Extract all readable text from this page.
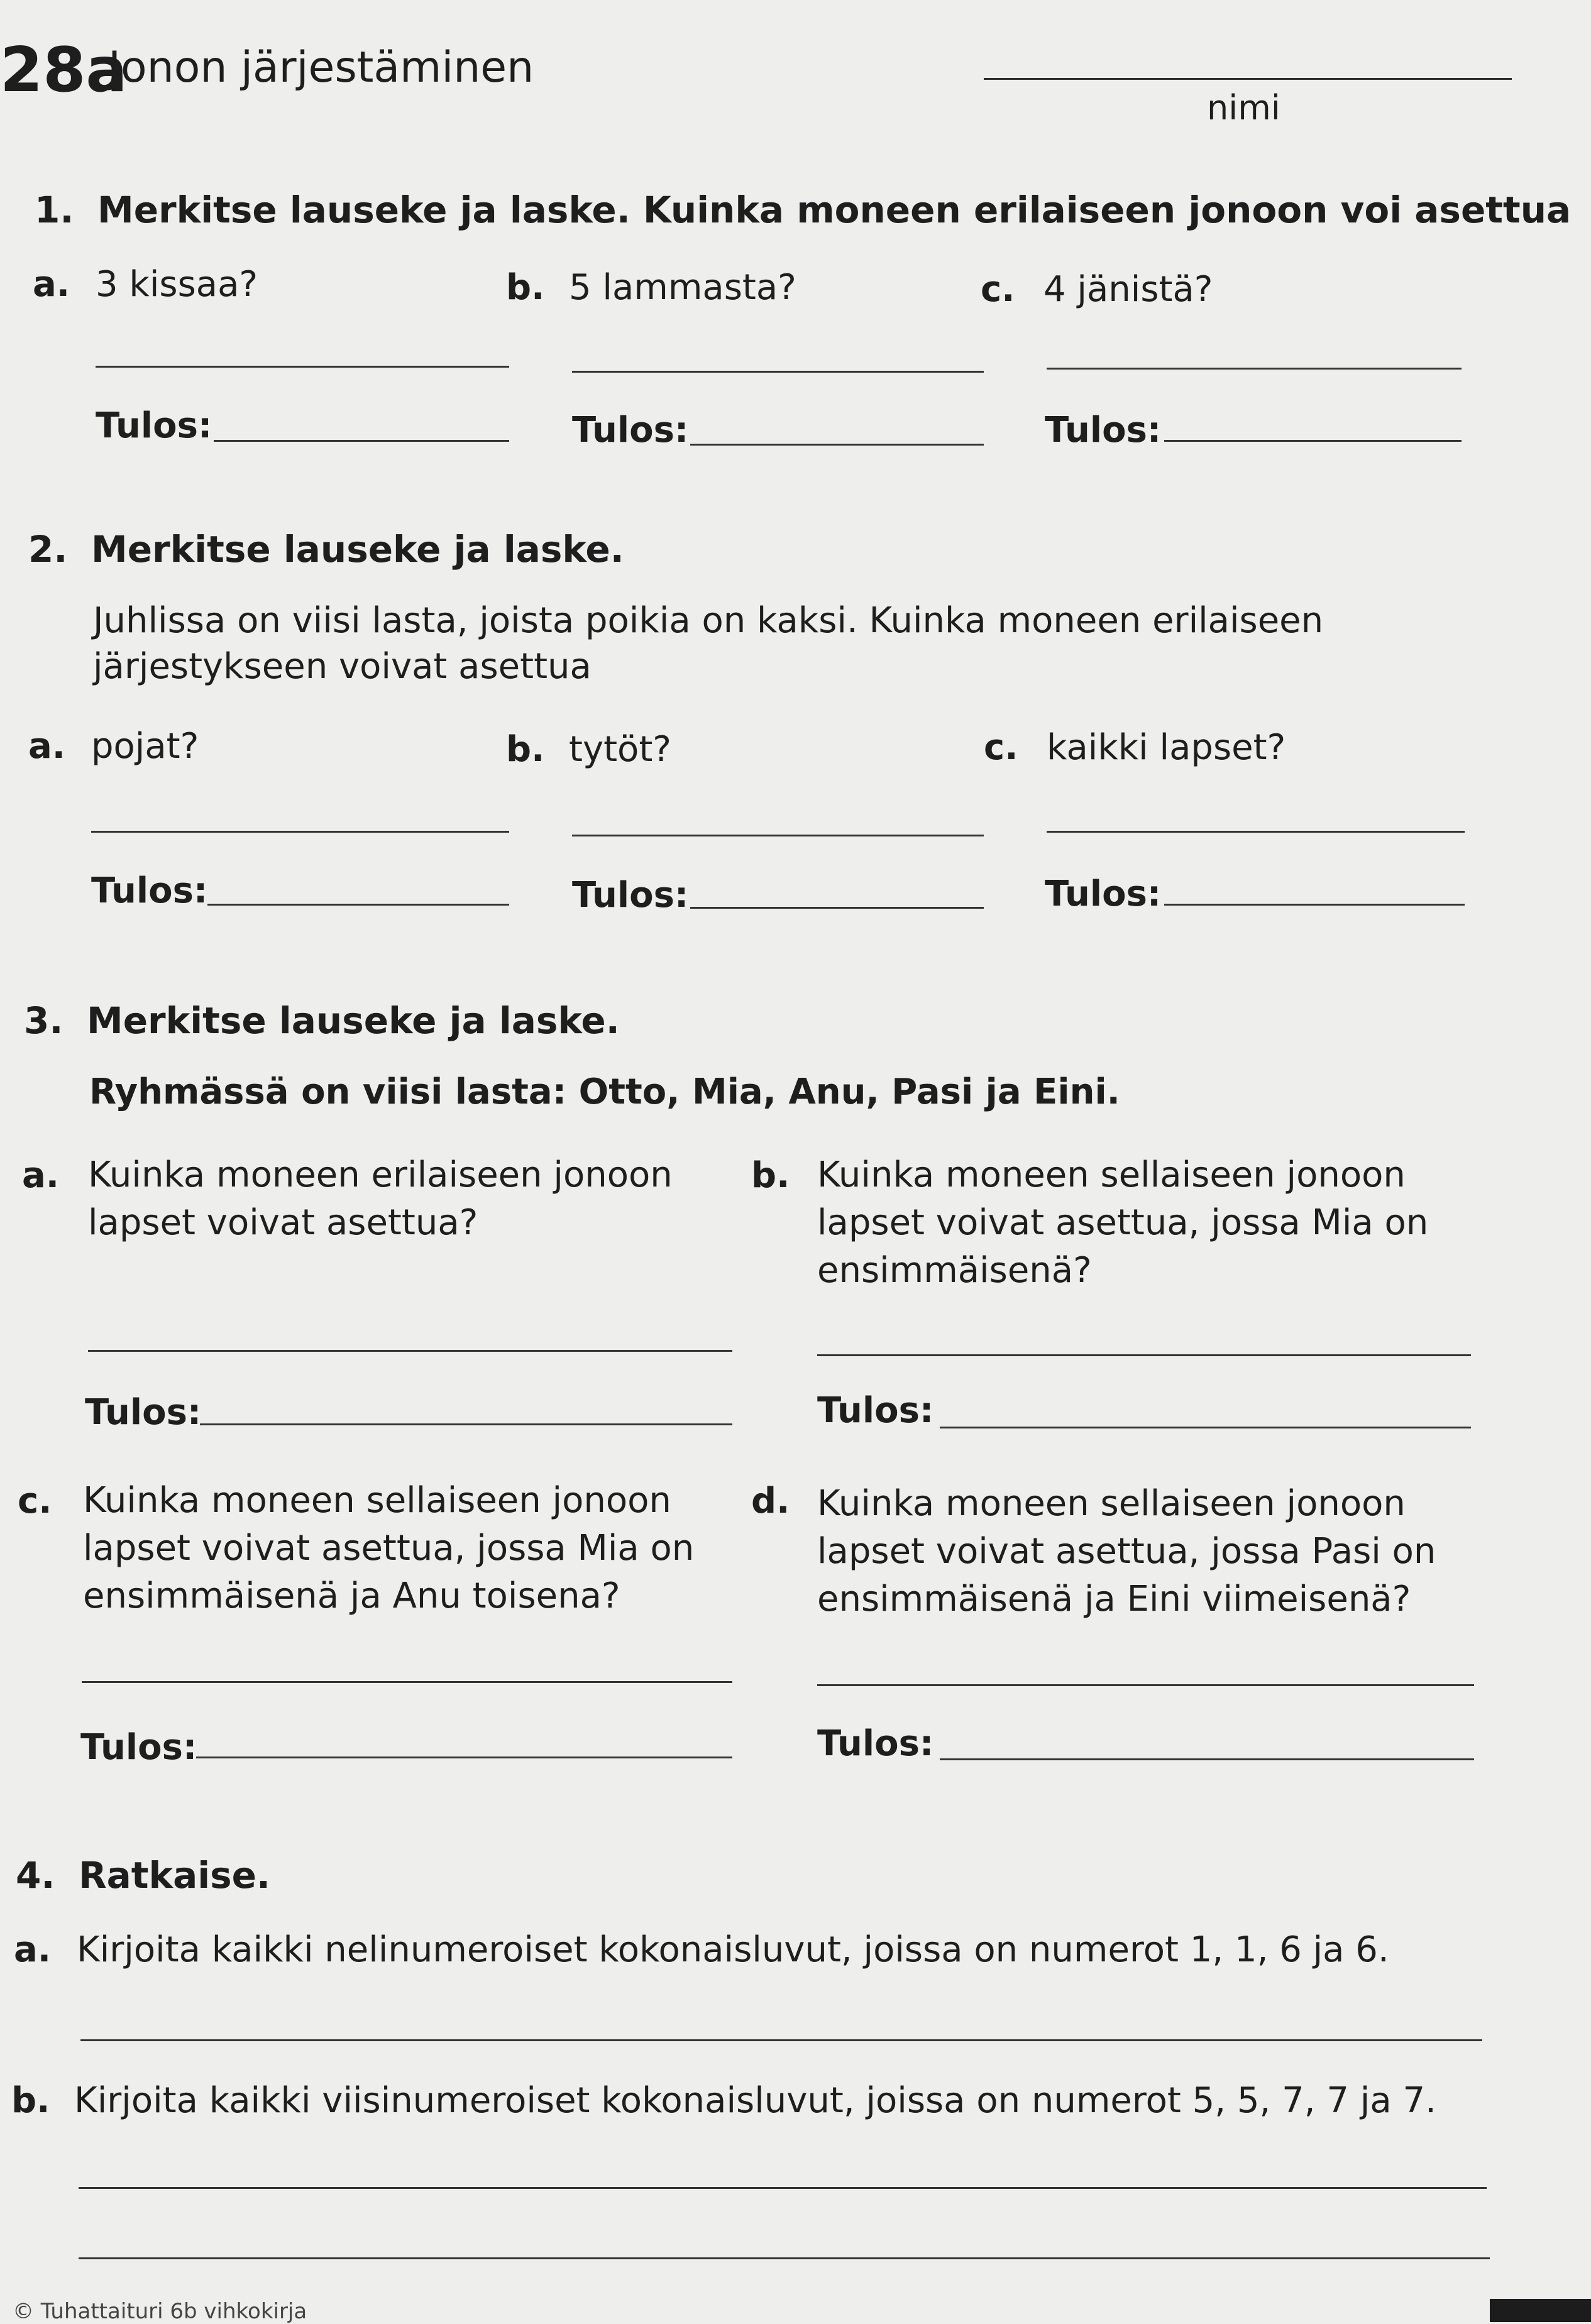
28a
Jonon järjestäminen
nimi
1. Merkitse lauseke ja laske. Kuinka moneen erilaiseen jonoon voi asettua
a. 3 kissaa?	b. 5 lammasta?	c. 4 jänistä?
Tulos:	Tulos:	Tulos:
2. Merkitse lauseke ja laske.
Juhlissa on viisi lasta, joista poikia on kaksi. Kuinka moneen erilaiseen
järjestykseen voivat asettua
a. pojat?	b. tytöt?	c. kaikki lapset?
Tulos:	Tulos:	Tulos:
3. Merkitse lauseke ja laske.
Ryhmässä on viisi lasta: Otto, Mia, Anu, Pasi ja Eini.
a. Kuinka moneen erilaiseen jonoon lapset voivat asettua?
b. Kuinka moneen sellaiseen jonoon lapset voivat asettua, jossa Mia on ensimmäisenä?
Tulos:	Tulos:
c. Kuinka moneen sellaiseen jonoon lapset voivat asettua, jossa Mia on ensimmäisenä ja Anu toisena?
d. Kuinka moneen sellaiseen jonoon lapset voivat asettua, jossa Pasi on ensimmäisenä ja Eini viimeisenä?
Tulos:	Tulos:
4. Ratkaise.
a. Kirjoita kaikki nelinumeroiset kokonaisluvut, joissa on numerot 1, 1, 6 ja 6.
b. Kirjoita kaikki viisinumeroiset kokonaisluvut, joissa on numerot 5, 5, 7, 7 ja 7.
© Tuhattaituri 6b vihkokirja
